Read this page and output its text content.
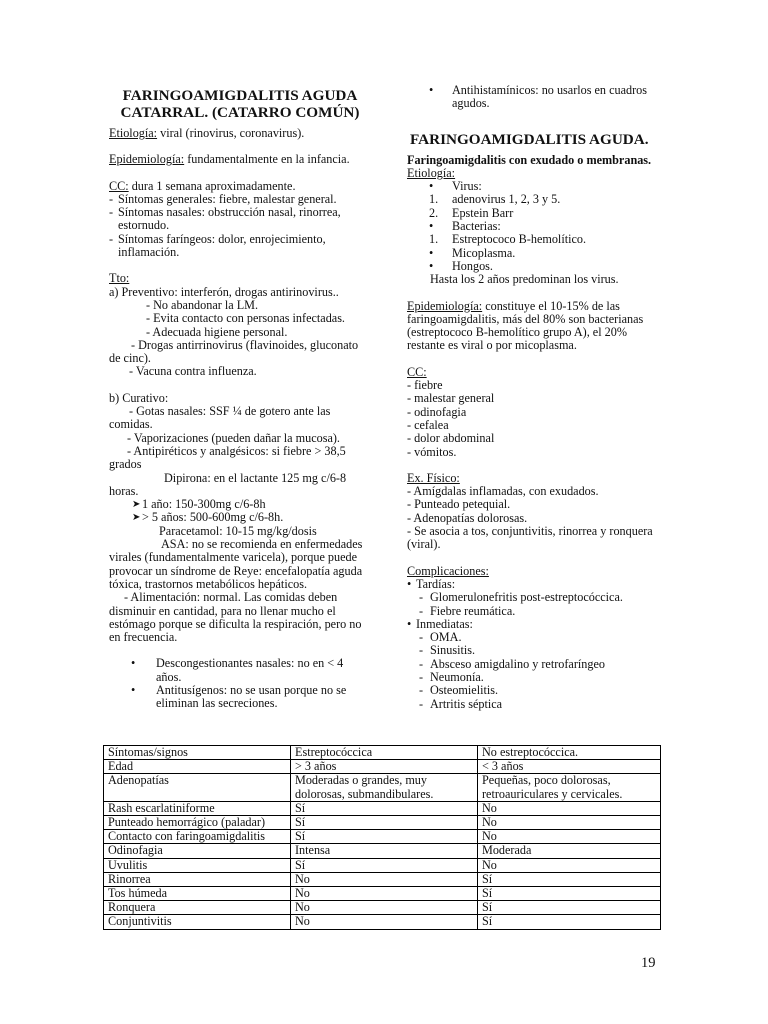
FARINGOAMIGDALITIS AGUDA CATARRAL. (CATARRO COMÚN)

Etiología: viral (rinovirus, coronavirus).

Epidemiología: fundamentalmente en la infancia.

CC: dura 1 semana aproximadamente.

- Síntomas generales: fiebre, malestar general.
- Síntomas nasales: obstrucción nasal, rinorrea, estornudo.
- Síntomas faríngeos: dolor, enrojecimiento, inflamación.

Tto:

a) Preventivo: interferón, drogas antirinovirus..

- No abandonar la LM.

- Evita contacto con personas infectadas.

- Adecuada higiene personal.

- Drogas antirrinovirus (flavinoides, gluconato de cinc).

- Vacuna contra influenza.

b) Curativo:

- Gotas nasales: SSF ¼ de gotero ante las comidas.

- Vaporizaciones (pueden dañar la mucosa).

- Antipiréticos y analgésicos: si fiebre > 38,5 grados

Dipirona: en el lactante 125 mg c/6-8 horas.

➤ 1 año: 150-300mg c/6-8h
➤ > 5 años: 500-600mg c/6-8h.

Paracetamol: 10-15 mg/kg/dosis

ASA: no se recomienda en enfermedades virales (fundamentalmente varicela), porque puede provocar un síndrome de Reye: encefalopatía aguda tóxica, trastornos metabólicos hepáticos.

- Alimentación: normal. Las comidas deben disminuir en cantidad, para no llenar mucho el estómago porque se dificulta la respiración, pero no en frecuencia.

• Descongestionantes nasales: no en < 4 años.
• Antitusígenos: no se usan porque no se eliminan las secreciones.
• Antihistamínicos: no usarlos en cuadros agudos.

FARINGOAMIGDALITIS AGUDA.

Faringoamigdalitis con exudado o membranas.

Etiología:

• Virus:
1. adenovirus 1, 2, 3 y 5.
2. Epstein Barr
• Bacterias:
1. Estreptococo B-hemolítico.
• Micoplasma.
• Hongos.

Hasta los 2 años predominan los virus.

Epidemiología: constituye el 10-15% de las faringoamigdalitis, más del 80% son bacterianas (estreptococo B-hemolítico grupo A), el 20% restante es viral o por micoplasma.

CC:

- fiebre

- malestar general

- odinofagia

- cefalea

- dolor abdominal

- vómitos.

Ex. Físico:

- Amígdalas inflamadas, con exudados.

- Punteado petequial.

- Adenopatías dolorosas.

- Se asocia a tos, conjuntivitis, rinorrea y ronquera (viral).

Complicaciones:

• Tardías:
- Glomerulonefritis post-estreptocóccica.
- Fiebre reumática.
• Inmediatas:
- OMA.
- Sinusitis.
- Absceso amigdalino y retrofaríngeo
- Neumonía.
- Osteomielitis.
- Artritis séptica
Síntomas/signos	Estreptocóccica	No estreptocóccica.
Edad	> 3 años	< 3 años
Adenopatías	Moderadas o grandes, muy dolorosas, submandibulares.	Pequeñas, poco dolorosas, retroauriculares y cervicales.
Rash escarlatiniforme	Sí	No
Punteado hemorrágico (paladar)	Sí	No
Contacto con faringoamigdalitis	Sí	No
Odinofagia	Intensa	Moderada
Uvulitis	Sí	No
Rinorrea	No	Sí
Tos húmeda	No	Sí
Ronquera	No	Sí
Conjuntivitis	No	Sí
19
